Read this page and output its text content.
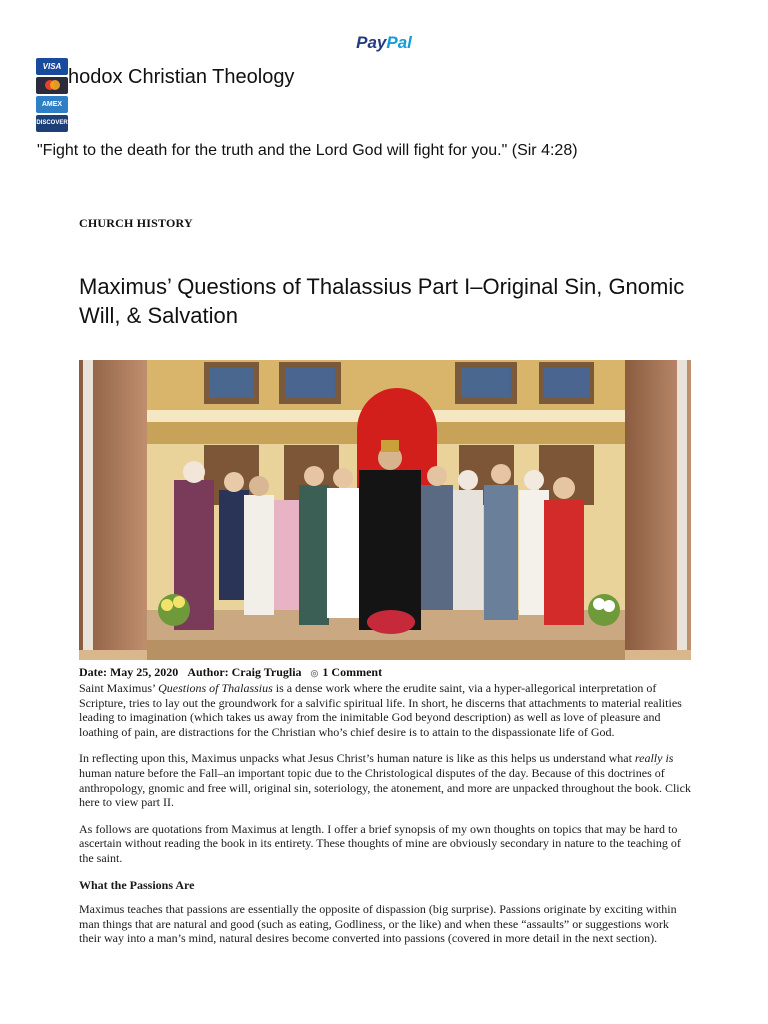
PayPal
VISA
AMEX
DISCOVER
hodox Christian Theology
"Fight to the death for the truth and the Lord God will fight for you." (Sir 4:28)
CHURCH HISTORY
Maximus’ Questions of Thalassius Part I–Original Sin, Gnomic Will, & Salvation
Date: May 25, 2020 Author: Craig Truglia ◎ 1 Comment

Saint Maximus’ Questions of Thalassius is a dense work where the erudite saint, via a hyper-allegorical interpretation of Scripture, tries to lay out the groundwork for a salvific spiritual life. In short, he discerns that attachments to material realities leading to imagination (which takes us away from the inimitable God beyond description) as well as love of pleasure and loathing of pain, are distractions for the Christian who’s chief desire is to attain to the dispassionate life of God.

In reflecting upon this, Maximus unpacks what Jesus Christ’s human nature is like as this helps us understand what really is human nature before the Fall–an important topic due to the Christological disputes of the day. Because of this doctrines of anthropology, gnomic and free will, original sin, soteriology, the atonement, and more are unpacked throughout the book. Click here to view part II.

As follows are quotations from Maximus at length. I offer a brief synopsis of my own thoughts on topics that may be hard to ascertain without reading the book in its entirety. These thoughts of mine are obviously secondary in nature to the teaching of the saint.

What the Passions Are

Maximus teaches that passions are essentially the opposite of dispassion (big surprise). Passions originate by exciting within man things that are natural and good (such as eating, Godliness, or the like) and when these “assaults” or suggestions work their way into a man’s mind, natural desires become converted into passions (covered in more detail in the next section).
